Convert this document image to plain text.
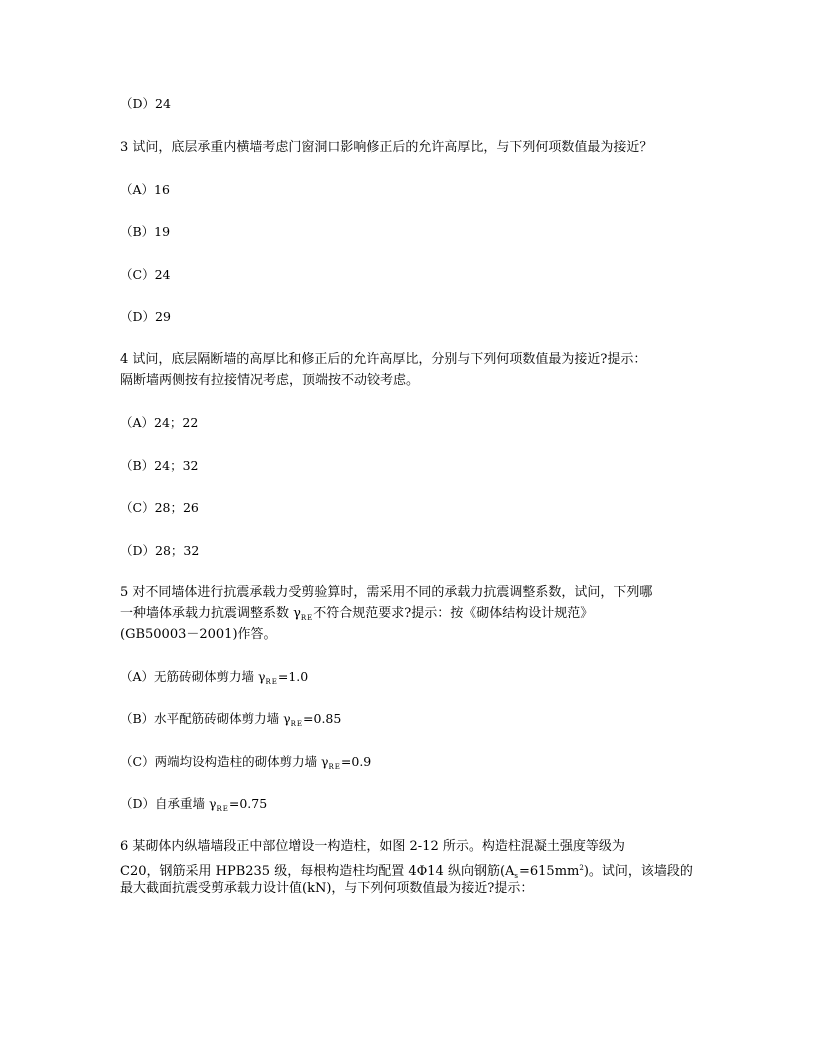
（D）24
3 试问，底层承重内横墙考虑门窗洞口影响修正后的允许高厚比，与下列何项数值最为接近？
（A）16
（B）19
（C）24
（D）29
4 试问，底层隔断墙的高厚比和修正后的允许高厚比，分别与下列何项数值最为接近?提示：
隔断墙两侧按有拉接情况考虑，顶端按不动铰考虑。
（A）24；22
（B）24；32
（C）28；26
（D）28；32
5 对不同墙体进行抗震承载力受剪验算时，需采用不同的承载力抗震调整系数，试问，下列哪
一种墙体承载力抗震调整系数 $\gamma_{RE}$不符合规范要求?提示：按《砌体结构设计规范》
(GB50003－2001)作答。
（A）无筋砖砌体剪力墙 $\gamma_{RE}=1.0$
（B）水平配筋砖砌体剪力墙 $\gamma_{RE}=0.85$
（C）两端均设构造柱的砌体剪力墙 $\gamma_{RE}=0.9$
（D）自承重墙 $\gamma_{RE}=0.75$
6 某砌体内纵墙墙段正中部位增设一构造柱，如图 2-12 所示。构造柱混凝土强度等级为
C20，钢筋采用 HPB235 级，每根构造柱均配置 4Φ14 纵向钢筋$(A_s=615mm^2)$。试问，该墙段的
最大截面抗震受剪承载力设计值(kN)，与下列何项数值最为接近?提示：
